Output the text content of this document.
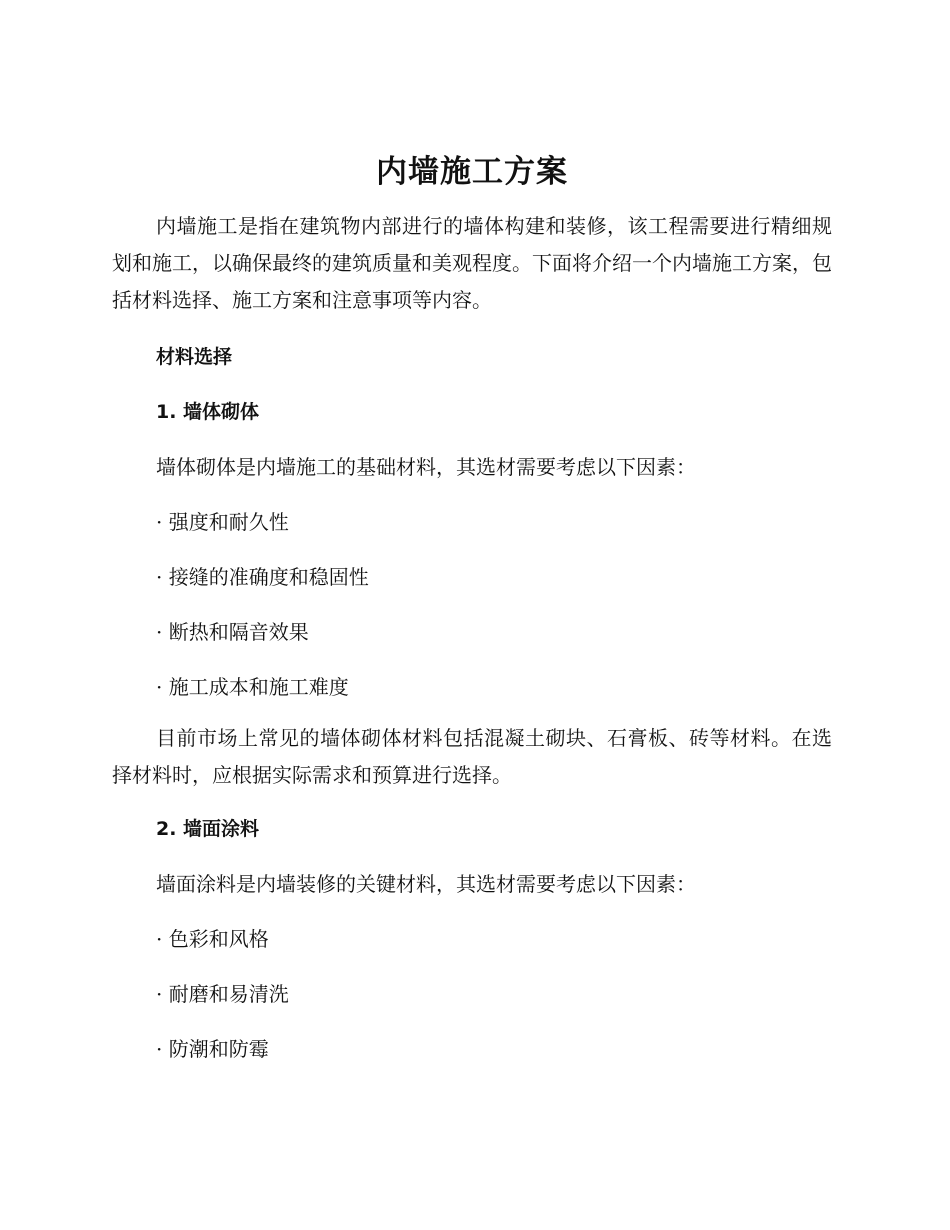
内墙施工方案

内墙施工是指在建筑物内部进行的墙体构建和装修，该工程需要进行精细规划和施工，以确保最终的建筑质量和美观程度。下面将介绍一个内墙施工方案，包括材料选择、施工方案和注意事项等内容。

材料选择

1. 墙体砌体

墙体砌体是内墙施工的基础材料，其选材需要考虑以下因素：

· 强度和耐久性

· 接缝的准确度和稳固性

· 断热和隔音效果

· 施工成本和施工难度

目前市场上常见的墙体砌体材料包括混凝土砌块、石膏板、砖等材料。在选择材料时，应根据实际需求和预算进行选择。

2. 墙面涂料

墙面涂料是内墙装修的关键材料，其选材需要考虑以下因素：

· 色彩和风格

· 耐磨和易清洗

· 防潮和防霉
